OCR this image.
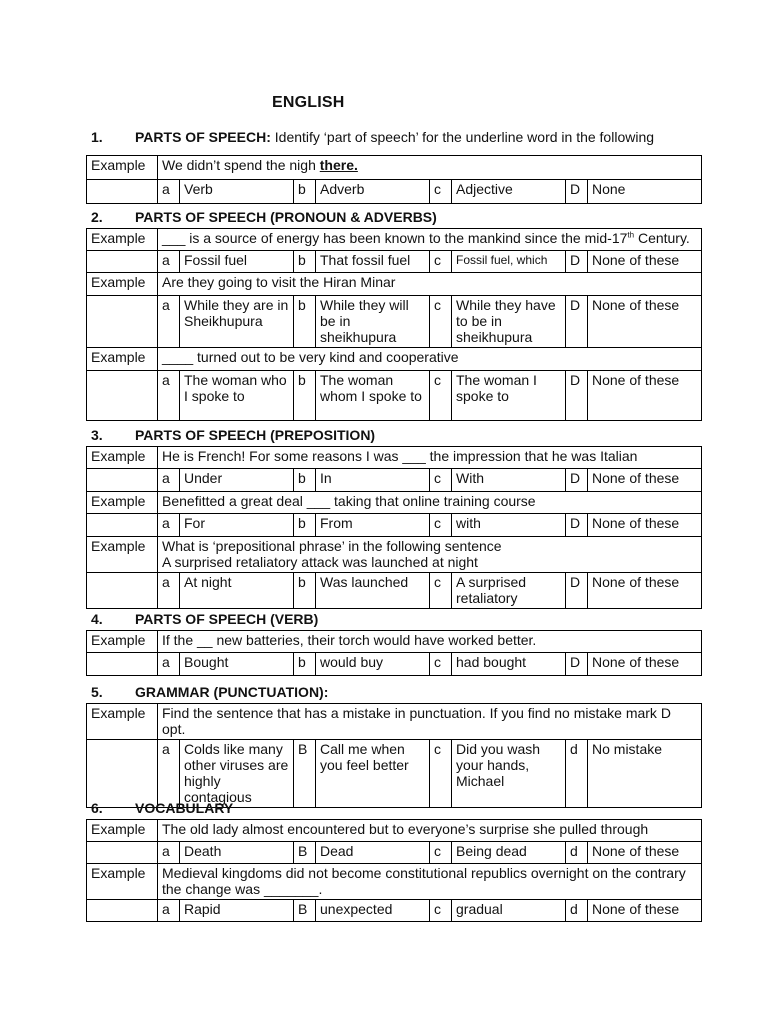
ENGLISH
1. PARTS OF SPEECH: Identify ‘part of speech’ for the underline word in the following
Example	We didn’t spend the nigh there.							
	a	Verb	b	Adverb	c	Adjective	D	None
2. PARTS OF SPEECH (PRONOUN & ADVERBS)
Example	___ is a source of energy has been known to the mankind since the mid-17th Century.							
	a	Fossil fuel	b	That fossil fuel	c	Fossil fuel, which	D	None of these
Example	Are they going to visit the Hiran Minar							
	a	While they are in Sheikhupura	b	While they will be in sheikhupura	c	While they have to be in sheikhupura	D	None of these
Example	____ turned out to be very kind and cooperative							
	a	The woman who I spoke to	b	The woman whom I spoke to	c	The woman I spoke to	D	None of these
3. PARTS OF SPEECH (PREPOSITION)
Example	He is French! For some reasons I was ___ the impression that he was Italian							
	a	Under	b	In	c	With	D	None of these
Example	Benefitted a great deal ___ taking that online training course							
	a	For	b	From	c	with	D	None of these
Example	What is ‘prepositional phrase’ in the following sentence
A surprised retaliatory attack was launched at night							

	a	At night	b	Was launched	c	A surprised retaliatory	D	None of these
4. PARTS OF SPEECH (VERB)
Example	If the __ new batteries, their torch would have worked better.							
	a	Bought	b	would buy	c	had bought	D	None of these
5. GRAMMAR (PUNCTUATION):
Example	Find the sentence that has a mistake in punctuation. If you find no mistake mark D opt.							
	a	Colds like many other viruses are highly contagious	B	Call me when you feel better	c	Did you wash your hands, Michael	d	No mistake
6. VOCABULARY
Example	The old lady almost encountered but to everyone’s surprise she pulled through							
	a	Death	B	Dead	c	Being dead	d	None of these
Example	Medieval kingdoms did not become constitutional republics overnight on the contrary the change was _______.							
	a	Rapid	B	unexpected	c	gradual	d	None of these
